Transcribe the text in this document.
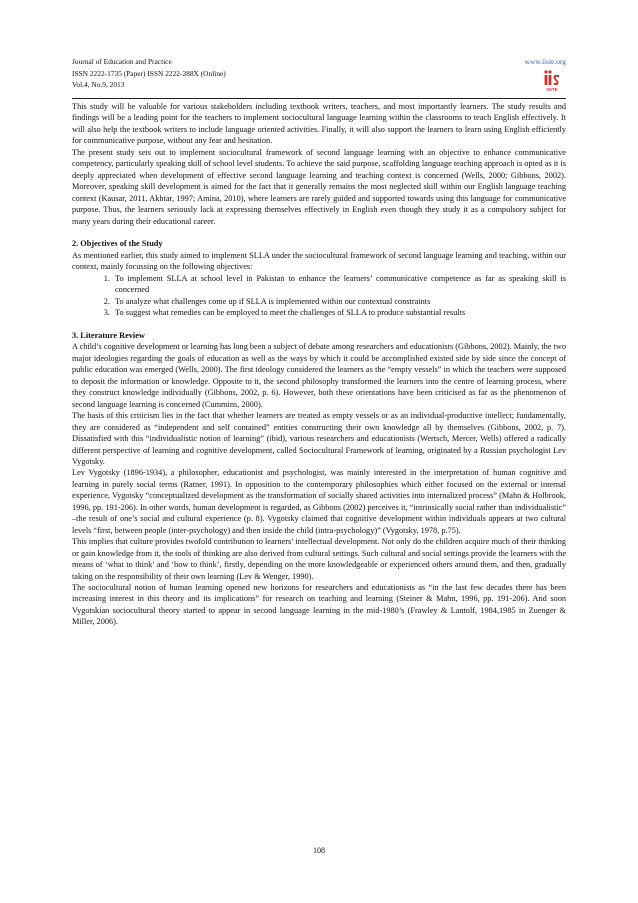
Journal of Education and Practice
ISSN 2222-1735 (Paper) ISSN 2222-288X (Online)
Vol.4, No.9, 2013
www.iiste.org
IISTE

This study will be valuable for various stakeholders including textbook writers, teachers, and most importantly learners. The study results and findings will be a leading point for the teachers to implement sociocultural language learning within the classrooms to teach English effectively. It will also help the textbook writers to include language oriented activities. Finally, it will also support the learners to learn using English efficiently for communicative purpose, without any fear and hesitation.

The present study sets out to implement sociocultural framework of second language learning with an objective to enhance communicative competency, particularly speaking skill of school level students. To achieve the said purpose, scaffolding language teaching approach is opted as it is deeply appreciated when development of effective second language learning and teaching context is concerned (Wells, 2000; Gibbons, 2002). Moreover, speaking skill development is aimed for the fact that it generally remains the most neglected skill within our English language teaching context (Kausar, 2011, Akhtar, 1997; Amina, 2010), where learners are rarely guided and supported towards using this language for communicative purpose. Thus, the learners seriously lack at expressing themselves effectively in English even though they study it as a compulsory subject for many years during their educational career.

2. Objectives of the Study

As mentioned earlier, this study aimed to implement SLLA under the sociocultural framework of second language learning and teaching, within our context, mainly focussing on the following objectives:

1. To implement SLLA at school level in Pakistan to enhance the learners’ communicative competence as far as speaking skill is concerned
2. To analyze what challenges come up if SLLA is implemented within our contextual constraints
3. To suggest what remedies can be employed to meet the challenges of SLLA to produce substantial results
3. Literature Review

A child’s cognitive development or learning has long been a subject of debate among researchers and educationists (Gibbons, 2002). Mainly, the two major ideologies regarding the goals of education as well as the ways by which it could be accomplished existed side by side since the concept of public education was emerged (Wells, 2000). The first ideology considered the learners as the “empty vessels” in which the teachers were supposed to deposit the information or knowledge. Opposite to it, the second philosophy transformed the learners into the centre of learning process, where they construct knowledge individually (Gibbons, 2002, p. 6). However, both these orientations have been criticised as far as the phenomenon of second language learning is concerned (Cummins, 2000).

The basis of this criticism lies in the fact that whether learners are treated as empty vessels or as an individual-productive intellect; fundamentally, they are considered as “independent and self contained” entities constructing their own knowledge all by themselves (Gibbons, 2002, p. 7). Dissatisfied with this “individualistic notion of learning” (ibid), various researchers and educationists (Wertsch, Mercer, Wells) offered a radically different perspective of learning and cognitive development, called Sociocultural Framework of learning, originated by a Russian psychologist Lev Vygotsky.

Lev Vygotsky (1896-1934), a philosopher, educationist and psychologist, was mainly interested in the interpretation of human cognitive and learning in purely social terms (Ratner, 1991). In opposition to the contemporary philosophies which either focused on the external or internal experience, Vygotsky “conceptualized development as the transformation of socially shared activities into internalized process” (Mahn & Holbrook, 1996, pp. 191-206). In other words, human development is regarded, as Gibbons (2002) perceives it, “intrinsically social rather than individualistic” –the result of one’s social and cultural experience (p. 8). Vygotsky claimed that cognitive development within individuals appears at two cultural levels “first, between people (inter-psychology) and then inside the child (intra-psychology)” (Vygotsky, 1978, p.75).

This implies that culture provides twofold contribution to learners’ intellectual development. Not only do the children acquire much of their thinking or gain knowledge from it, the tools of thinking are also derived from cultural settings. Such cultural and social settings provide the learners with the means of ‘what to think’ and ‘how to think’, firstly, depending on the more knowledgeable or experienced others around them, and then, gradually taking on the responsibility of their own learning (Lev & Wenger, 1990).

The sociocultural notion of human learning opened new horizons for researchers and educationists as “in the last few decades there has been increasing interest in this theory and its implications” for research on teaching and learning (Steiner & Mahn, 1996, pp. 191-206). And soon Vygotskian sociocultural theory started to appear in second language learning in the mid-1980’s (Frawley & Lantolf, 1984,1985 in Zuenger & Miller, 2006).

108
